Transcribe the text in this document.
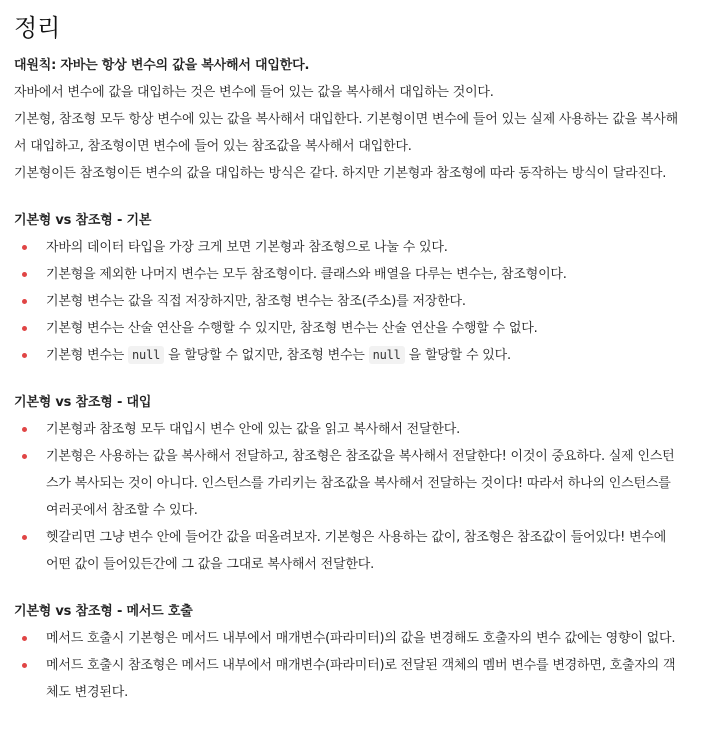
정리

대원칙: 자바는 항상 변수의 값을 복사해서 대입한다.

자바에서 변수에 값을 대입하는 것은 변수에 들어 있는 값을 복사해서 대입하는 것이다.

기본형, 참조형 모두 항상 변수에 있는 값을 복사해서 대입한다. 기본형이면 변수에 들어 있는 실제 사용하는 값을 복사해서 대입하고, 참조형이면 변수에 들어 있는 참조값을 복사해서 대입한다.

기본형이든 참조형이든 변수의 값을 대입하는 방식은 같다. 하지만 기본형과 참조형에 따라 동작하는 방식이 달라진다.

기본형 vs 참조형 - 기본

자바의 데이터 타입을 가장 크게 보면 기본형과 참조형으로 나눌 수 있다.
기본형을 제외한 나머지 변수는 모두 참조형이다. 클래스와 배열을 다루는 변수는, 참조형이다.
기본형 변수는 값을 직접 저장하지만, 참조형 변수는 참조(주소)를 저장한다.
기본형 변수는 산술 연산을 수행할 수 있지만, 참조형 변수는 산술 연산을 수행할 수 없다.
기본형 변수는 null 을 할당할 수 없지만, 참조형 변수는 null 을 할당할 수 있다.

기본형 vs 참조형 - 대입

기본형과 참조형 모두 대입시 변수 안에 있는 값을 읽고 복사해서 전달한다.
기본형은 사용하는 값을 복사해서 전달하고, 참조형은 참조값을 복사해서 전달한다! 이것이 중요하다. 실제 인스턴스가 복사되는 것이 아니다. 인스턴스를 가리키는 참조값을 복사해서 전달하는 것이다! 따라서 하나의 인스턴스를 여러곳에서 참조할 수 있다.
헷갈리면 그냥 변수 안에 들어간 값을 떠올려보자. 기본형은 사용하는 값이, 참조형은 참조값이 들어있다! 변수에 어떤 값이 들어있든간에 그 값을 그대로 복사해서 전달한다.

기본형 vs 참조형 - 메서드 호출

메서드 호출시 기본형은 메서드 내부에서 매개변수(파라미터)의 값을 변경해도 호출자의 변수 값에는 영향이 없다.
메서드 호출시 참조형은 메서드 내부에서 매개변수(파라미터)로 전달된 객체의 멤버 변수를 변경하면, 호출자의 객체도 변경된다.
